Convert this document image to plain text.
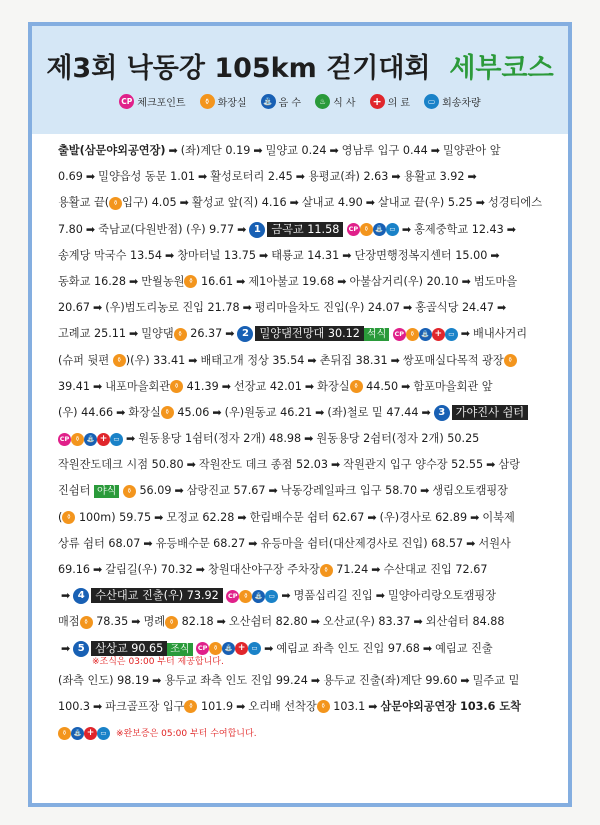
제3회 낙동강 105km 걷기대회 세부코스
CP 체크포인트	⚱ 화장실	⛲ 음 수	♨ 식 사 + 의 료	▭ 회송차량
출발(삼문야외공연장) ➡ (좌)계단 0.19 ➡ 밀양교 0.24 ➡ 영남루 입구 0.44 ➡ 밀양관아 앞
0.69 ➡ 밀양읍성 동문 1.01 ➡ 활성로터리 2.45 ➡ 용평교(좌) 2.63 ➡ 용활교 3.92 ➡
용활교 끝( ⚱ 입구) 4.05 ➡ 활성교 앞(직) 4.16 ➡ 살내교 4.90 ➡ 살내교 끝(우) 5.25 ➡ 성경티에스
7.80 ➡ 죽남교(다원반점) (우) 9.77 ➡ 1 금곡교 11.58 CP ⚱ ⛲ ▭ ➡ 홍제중학교 12.43 ➡
송계당 막국수 13.54 ➡ 창마터널 13.75 ➡ 태룡교 14.31 ➡ 단장면행정복지센터 15.00 ➡
동화교 16.28 ➡ 만월농원 ⚱ 16.61 ➡ 제1아불교 19.68 ➡ 아불삼거리(우) 20.10 ➡ 범도마을
20.67 ➡ (우)범도리농로 진입 21.78 ➡ 평리마을차도 진입(우) 24.07 ➡ 홍골식당 24.47 ➡
고례교 25.11 ➡ 밀양댐 ⚱ 26.37 ➡ 2 밀양댐전망대 30.12 석식 CP ⚱ ⛲ + ▭ ➡ 배내사거리
(슈퍼 뒷편 ⚱ )(우) 33.41 ➡ 배태고개 정상 35.54 ➡ 촌뒤집 38.31 ➡ 쌍포매실다목적 광장 ⚱
39.41 ➡ 내포마을회관 ⚱ 41.39 ➡ 선장교 42.01 ➡ 화장실 ⚱ 44.50 ➡ 함포마을회관 앞
(우) 44.66 ➡ 화장실 ⚱ 45.06 ➡ (우)원동교 46.21 ➡ (좌)철로 밑 47.44 ➡ 3 가야진사 쉼터
CP ⚱ ⛲ + ▭ ➡ 원동용당 1쉼터(정자 2개) 48.98 ➡ 원동용당 2쉼터(정자 2개) 50.25
작원잔도데크 시점 50.80 ➡ 작원잔도 데크 종점 52.03 ➡ 작원관지 입구 양수장 52.55 ➡ 삼랑
진쉼터 야식 ⚱ 56.09 ➡ 삼랑진교 57.67 ➡ 낙동강레일파크 입구 58.70 ➡ 생림오토캠핑장
( ⚱ 100m) 59.75 ➡ 모정교 62.28 ➡ 한림배수문 쉼터 62.67 ➡ (우)경사로 62.89 ➡ 이북제
상류 쉼터 68.07 ➡ 유등배수문 68.27 ➡ 유등마을 쉼터(대산제경사로 진입) 68.57 ➡ 서원사
69.16 ➡ 갈림길(우) 70.32 ➡ 창원대산야구장 주차장 ⚱ 71.24 ➡ 수산대교 진입 72.67
➡ 4 수산대교 진출(우) 73.92 CP ⚱ ⛲ ▭ ➡ 명품십리길 진입 ➡ 밀양아리랑오토캠핑장
매점 ⚱ 78.35 ➡ 명례 ⚱ 82.18 ➡ 오산쉼터 82.80 ➡ 오산교(우) 83.37 ➡ 외산쉼터 84.88
➡ 5 삼상교 90.65 조식 CP ⚱ ⛲ + ▭ ➡ 예림교 좌측 인도 진입 97.68 ➡ 예림교 진출
※조식은 03:00 부터 제공합니다.
(좌측 인도) 98.19 ➡ 용두교 좌측 인도 진입 99.24 ➡ 용두교 진출(좌)계단 99.60 ➡ 밀주교 밑
100.3 ➡ 파크골프장 입구 ⚱ 101.9 ➡ 오리배 선착장 ⚱ 103.1 ➡ 삼문야외공연장 103.6 도착
⚱ ⛲ + ▭ ※완보증은 05:00 부터 수여합니다.
